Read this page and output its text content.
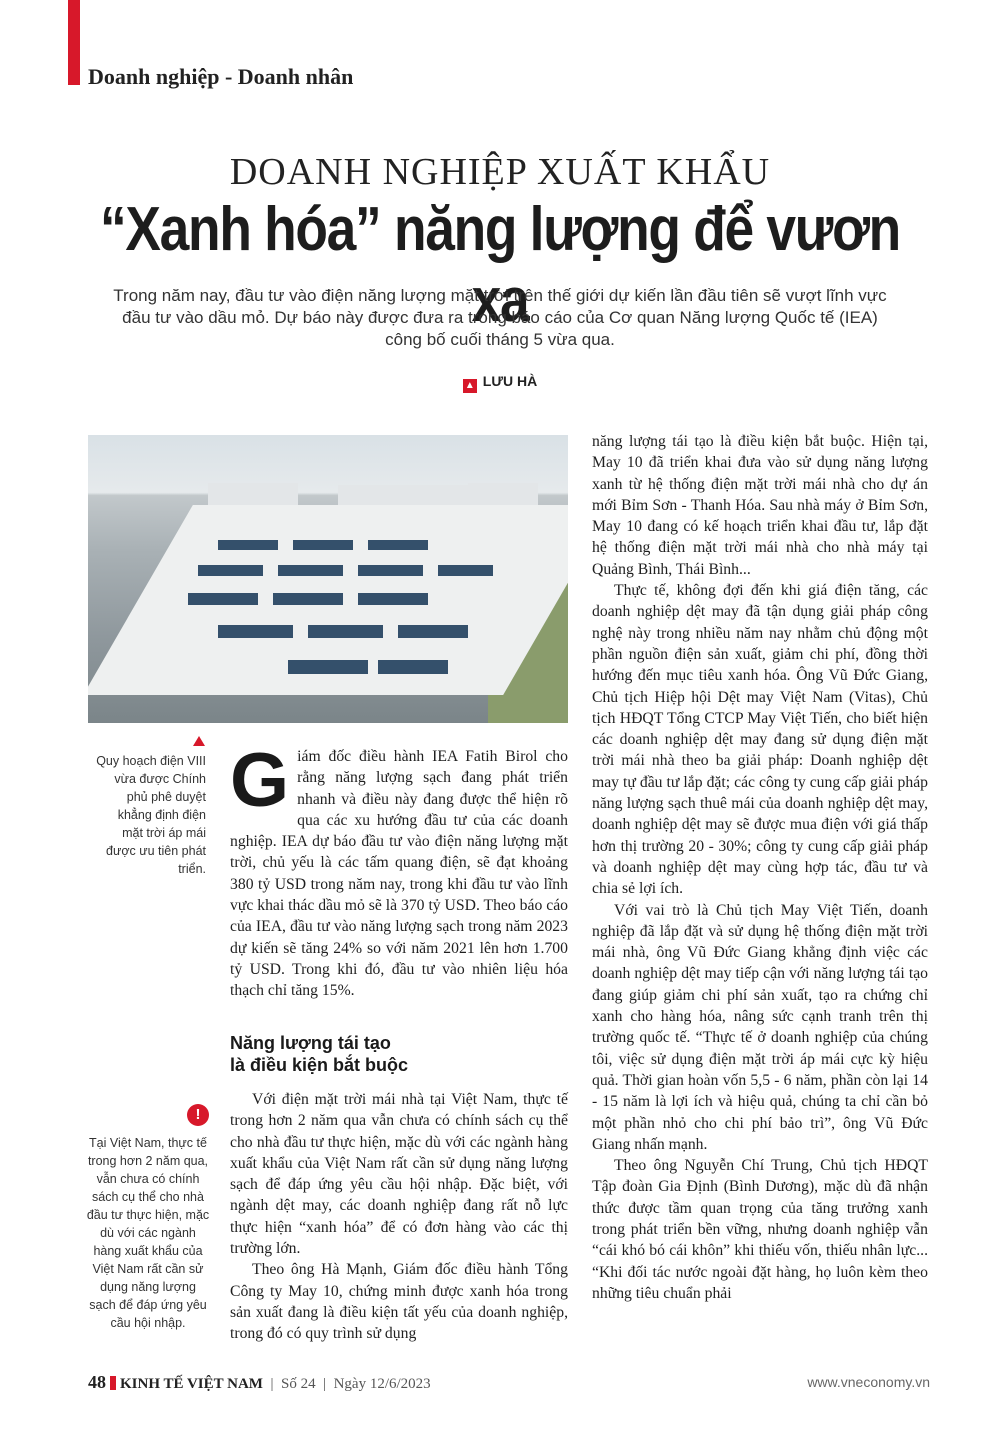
Doanh nghiệp - Doanh nhân
DOANH NGHIỆP XUẤT KHẨU
“Xanh hóa” năng lượng để vươn xa
Trong năm nay, đầu tư vào điện năng lượng mặt trời trên thế giới dự kiến lần đầu tiên sẽ vượt lĩnh vực đầu tư vào dầu mỏ. Dự báo này được đưa ra trong báo cáo của Cơ quan Năng lượng Quốc tế (IEA) công bố cuối tháng 5 vừa qua.
▲ LƯU HÀ
Quy hoạch điện VIII vừa được Chính phủ phê duyệt khẳng định điện mặt trời áp mái được ưu tiên phát triển.
!
Tại Việt Nam, thực tế trong hơn 2 năm qua, vẫn chưa có chính sách cụ thể cho nhà đầu tư thực hiện, mặc dù với các ngành hàng xuất khẩu của Việt Nam rất cần sử dụng năng lượng sạch để đáp ứng yêu cầu hội nhập.

Giám đốc điều hành IEA Fatih Birol cho rằng năng lượng sạch đang phát triển nhanh và điều này đang được thể hiện rõ qua các xu hướng đầu tư của các doanh nghiệp. IEA dự báo đầu tư vào điện năng lượng mặt trời, chủ yếu là các tấm quang điện, sẽ đạt khoảng 380 tỷ USD trong năm nay, trong khi đầu tư vào lĩnh vực khai thác dầu mỏ sẽ là 370 tỷ USD. Theo báo cáo của IEA, đầu tư vào năng lượng sạch trong năm 2023 dự kiến sẽ tăng 24% so với năm 2021 lên hơn 1.700 tỷ USD. Trong khi đó, đầu tư vào nhiên liệu hóa thạch chỉ tăng 15%.

Năng lượng tái tạo
là điều kiện bắt buộc

Với điện mặt trời mái nhà tại Việt Nam, thực tế trong hơn 2 năm qua vẫn chưa có chính sách cụ thể cho nhà đầu tư thực hiện, mặc dù với các ngành hàng xuất khẩu của Việt Nam rất cần sử dụng năng lượng sạch để đáp ứng yêu cầu hội nhập. Đặc biệt, với ngành dệt may, các doanh nghiệp đang rất nỗ lực thực hiện “xanh hóa” để có đơn hàng vào các thị trường lớn.

Theo ông Hà Mạnh, Giám đốc điều hành Tổng Công ty May 10, chứng minh được xanh hóa trong sản xuất đang là điều kiện tất yếu của doanh nghiệp, trong đó có quy trình sử dụng

năng lượng tái tạo là điều kiện bắt buộc. Hiện tại, May 10 đã triển khai đưa vào sử dụng năng lượng xanh từ hệ thống điện mặt trời mái nhà cho dự án mới Bỉm Sơn - Thanh Hóa. Sau nhà máy ở Bỉm Sơn, May 10 đang có kế hoạch triển khai đầu tư, lắp đặt hệ thống điện mặt trời mái nhà cho nhà máy tại Quảng Bình, Thái Bình...

Thực tế, không đợi đến khi giá điện tăng, các doanh nghiệp dệt may đã tận dụng giải pháp công nghệ này trong nhiều năm nay nhằm chủ động một phần nguồn điện sản xuất, giảm chi phí, đồng thời hướng đến mục tiêu xanh hóa. Ông Vũ Đức Giang, Chủ tịch Hiệp hội Dệt may Việt Nam (Vitas), Chủ tịch HĐQT Tổng CTCP May Việt Tiến, cho biết hiện các doanh nghiệp dệt may đang sử dụng điện mặt trời mái nhà theo ba giải pháp: Doanh nghiệp dệt may tự đầu tư lắp đặt; các công ty cung cấp giải pháp năng lượng sạch thuê mái của doanh nghiệp dệt may, doanh nghiệp dệt may sẽ được mua điện với giá thấp hơn thị trường 20 - 30%; công ty cung cấp giải pháp và doanh nghiệp dệt may cùng hợp tác, đầu tư và chia sẻ lợi ích.

Với vai trò là Chủ tịch May Việt Tiến, doanh nghiệp đã lắp đặt và sử dụng hệ thống điện mặt trời mái nhà, ông Vũ Đức Giang khẳng định việc các doanh nghiệp dệt may tiếp cận với năng lượng tái tạo đang giúp giảm chi phí sản xuất, tạo ra chứng chỉ xanh cho hàng hóa, nâng sức cạnh tranh trên thị trường quốc tế. “Thực tế ở doanh nghiệp của chúng tôi, việc sử dụng điện mặt trời áp mái cực kỳ hiệu quả. Thời gian hoàn vốn 5,5 - 6 năm, phần còn lại 14 - 15 năm là lợi ích và hiệu quả, chúng ta chỉ cần bỏ một phần nhỏ cho chi phí bảo trì”, ông Vũ Đức Giang nhấn mạnh.

Theo ông Nguyễn Chí Trung, Chủ tịch HĐQT Tập đoàn Gia Định (Bình Dương), mặc dù đã nhận thức được tầm quan trọng của tăng trưởng xanh trong phát triển bền vững, nhưng doanh nghiệp vẫn “cái khó bó cái khôn” khi thiếu vốn, thiếu nhân lực... “Khi đối tác nước ngoài đặt hàng, họ luôn kèm theo những tiêu chuẩn phải

48 KINH TẾ VIỆT NAM  |  Số 24  |  Ngày 12/6/2023	www.vneconomy.vn
